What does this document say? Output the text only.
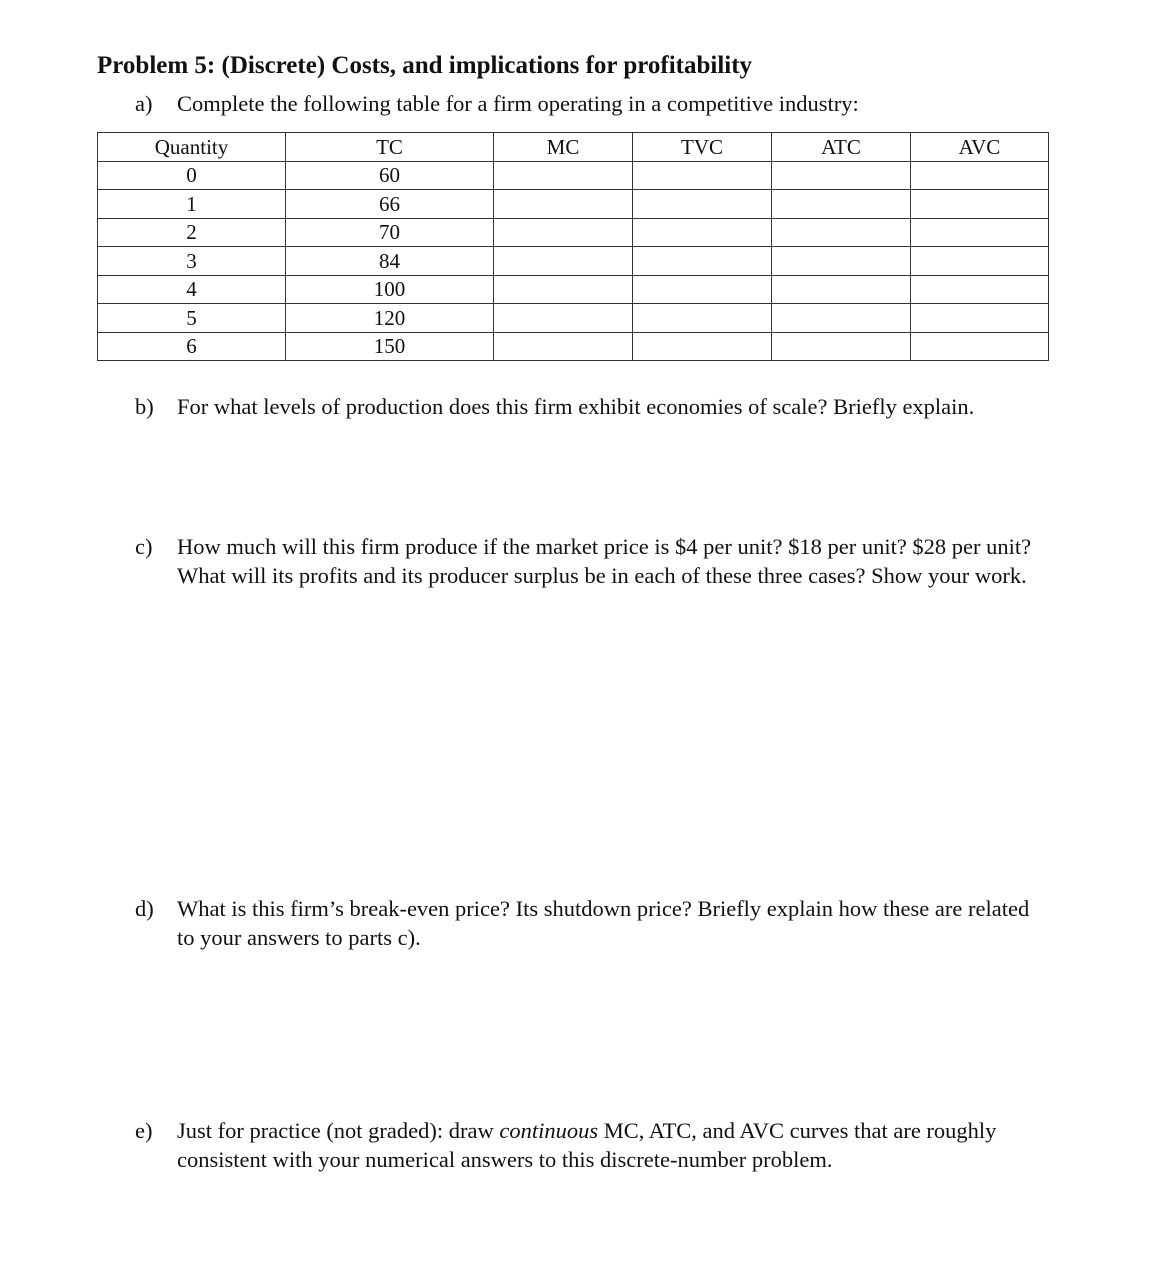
Problem 5: (Discrete) Costs, and implications for profitability
a) Complete the following table for a firm operating in a competitive industry:
Quantity	TC	MC	TVC	ATC	AVC
0	60				
1	66				
2	70				
3	84				
4	100				
5	120				
6	150				
b) For what levels of production does this firm exhibit economies of scale? Briefly explain.
c) How much will this firm produce if the market price is $4 per unit? $18 per unit? $28 per unit? What will its profits and its producer surplus be in each of these three cases? Show your work.
d) What is this firm’s break-even price? Its shutdown price? Briefly explain how these are related to your answers to parts c).
e) Just for practice (not graded): draw continuous MC, ATC, and AVC curves that are roughly consistent with your numerical answers to this discrete-number problem.
